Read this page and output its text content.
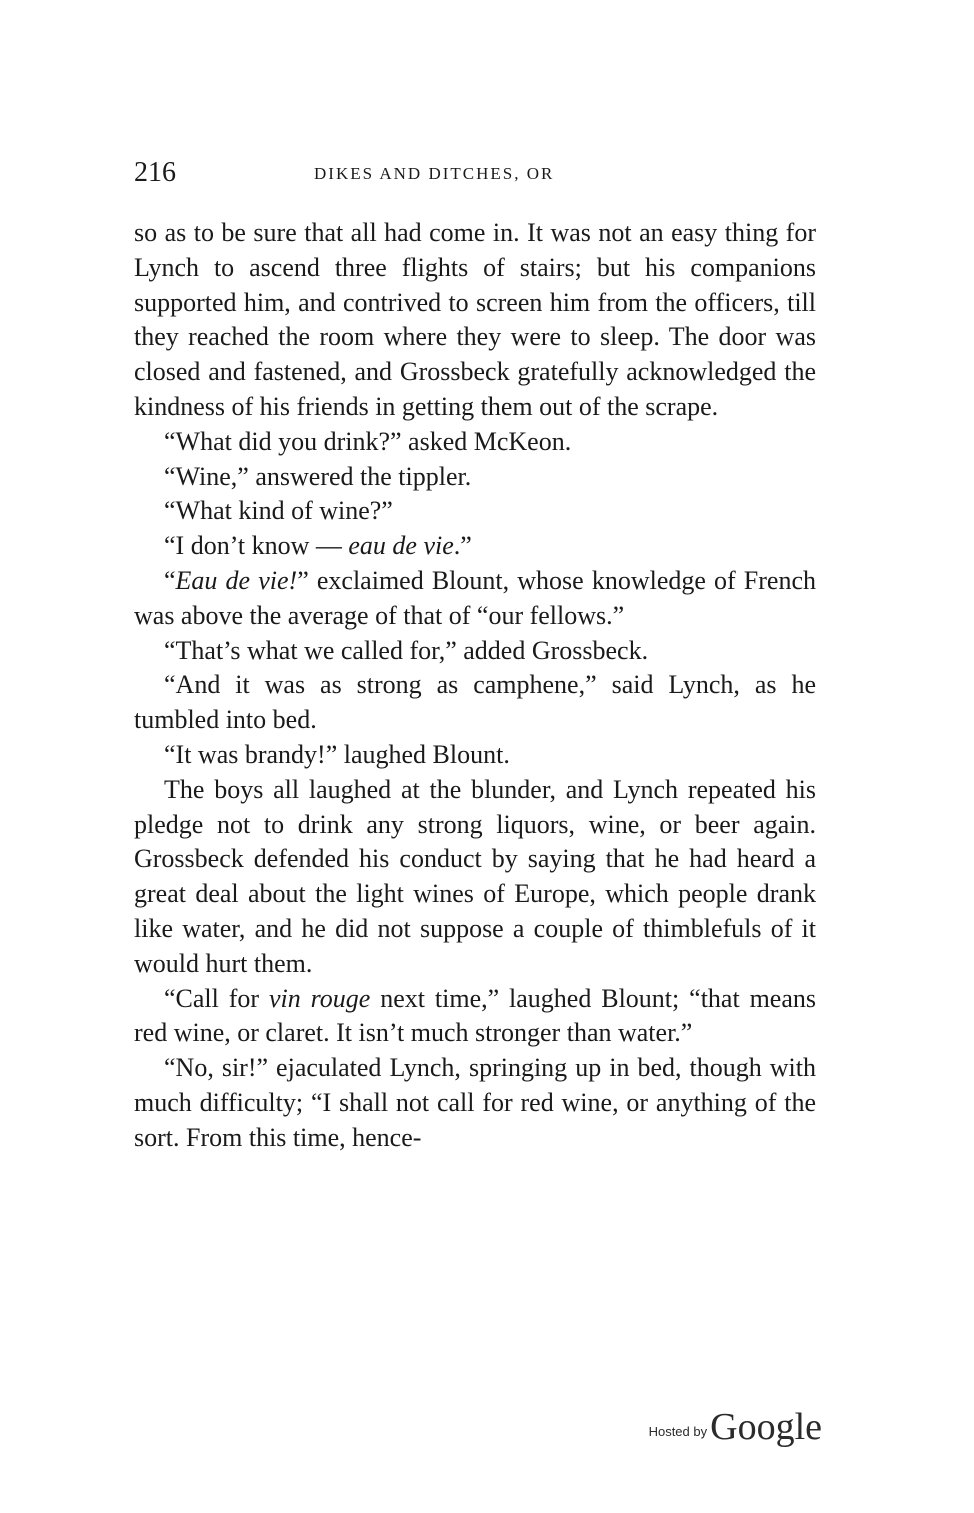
216	DIKES AND DITCHES, OR

so as to be sure that all had come in. It was not an easy thing for Lynch to ascend three flights of stairs; but his companions supported him, and contrived to screen him from the officers, till they reached the room where they were to sleep. The door was closed and fastened, and Grossbeck gratefully acknowledged the kindness of his friends in getting them out of the scrape.

“What did you drink?” asked McKeon.

“Wine,” answered the tippler.

“What kind of wine?”

“I don’t know — eau de vie.”

“Eau de vie!” exclaimed Blount, whose knowledge of French was above the average of that of “our fellows.”

“That’s what we called for,” added Grossbeck.

“And it was as strong as camphene,” said Lynch, as he tumbled into bed.

“It was brandy!” laughed Blount.

The boys all laughed at the blunder, and Lynch repeated his pledge not to drink any strong liquors, wine, or beer again. Grossbeck defended his conduct by saying that he had heard a great deal about the light wines of Europe, which people drank like water, and he did not suppose a couple of thimblefuls of it would hurt them.

“Call for vin rouge next time,” laughed Blount; “that means red wine, or claret. It isn’t much stronger than water.”

“No, sir!” ejaculated Lynch, springing up in bed, though with much difficulty; “I shall not call for red wine, or anything of the sort. From this time, hence-

Hosted by Google
